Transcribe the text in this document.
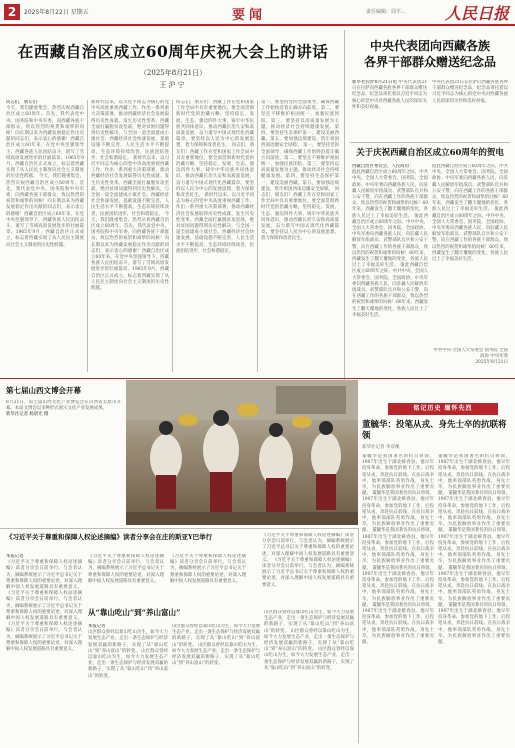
2	2025年8月22日 星期五	要闻	责任编辑：周平... 人民日报
在西藏自治区成立60周年庆祝大会上的讲话
（2025年8月21日）
王沪宁
同志们，朋友们：
今天，我们隆重集会，热烈庆祝西藏自治区成立60周年。首先，我代表党中央、国务院和中央军委，向西藏各族干部群众，致以热烈的祝贺和诚挚的问候！向长期以来为西藏发展稳定作出贡献的同志们，表示衷心的感谢！西藏自治区成立60年来，在党中央坚强领导下，西藏各族人民团结奋斗，谱写了雪域高原发展进步的壮丽篇章。1965年9月，西藏自治区正式成立，标志着西藏实现了从人民民主制度向社会主义制度的历史性跨越。 今天，我们隆重集会，热烈庆祝西藏自治区成立60周年。首先，我代表党中央、国务院和中央军委，向西藏各族干部群众，致以热烈的祝贺和诚挚的问候！向长期以来为西藏发展稳定作出贡献的同志们，表示衷心的感谢！西藏自治区成立60年来，在党中央坚强领导下，西藏各族人民团结奋斗，谱写了雪域高原发展进步的壮丽篇章。1965年9月，西藏自治区正式成立，标志着西藏实现了从人民民主制度向社会主义制度的历史性跨越。
新时代以来，以习近平同志为核心的党中央高度重视西藏工作，作出一系列重大决策部署，推动西藏经济社会发展取得历史性成就、发生历史性变革。西藏全面打赢脱贫攻坚战，绝对贫困问题得到历史性解决，与全国一道全面建成小康社会。西藏经济社会快速发展，基础设施不断完善，人民生活水平不断提高，生态环境持续改善，民族团结进步，社会和谐稳定。 新时代以来，以习近平同志为核心的党中央高度重视西藏工作，作出一系列重大决策部署，推动西藏经济社会发展取得历史性成就、发生历史性变革。西藏全面打赢脱贫攻坚战，绝对贫困问题得到历史性解决，与全国一道全面建成小康社会。西藏经济社会快速发展，基础设施不断完善，人民生活水平不断提高，生态环境持续改善，民族团结进步，社会和谐稳定。 今天，我们隆重集会，热烈庆祝西藏自治区成立60周年。首先，我代表党中央、国务院和中央军委，向西藏各族干部群众，致以热烈的祝贺和诚挚的问候！向长期以来为西藏发展稳定作出贡献的同志们，表示衷心的感谢！西藏自治区成立60年来，在党中央坚强领导下，西藏各族人民团结奋斗，谱写了雪域高原发展进步的壮丽篇章。1965年9月，西藏自治区正式成立，标志着西藏实现了从人民民主制度向社会主义制度的历史性跨越。
同志们、朋友们！西藏工作在党和国家工作全局中具有重要地位。要全面贯彻新时代党的治藏方略，坚持稳定、发展、生态、强边四件大事，铸牢中华民族共同体意识，推动西藏长治久安和高质量发展，奋力谱写中国式现代化西藏篇章。要坚持以人民为中心的发展思想，着力保障和改善民生。 同志们、朋友们！西藏工作在党和国家工作全局中具有重要地位。要全面贯彻新时代党的治藏方略，坚持稳定、发展、生态、强边四件大事，铸牢中华民族共同体意识，推动西藏长治久安和高质量发展，奋力谱写中国式现代化西藏篇章。要坚持以人民为中心的发展思想，着力保障和改善民生。 新时代以来，以习近平同志为核心的党中央高度重视西藏工作，作出一系列重大决策部署，推动西藏经济社会发展取得历史性成就、发生历史性变革。西藏全面打赢脱贫攻坚战，绝对贫困问题得到历史性解决，与全国一道全面建成小康社会。西藏经济社会快速发展，基础设施不断完善，人民生活水平不断提高，生态环境持续改善，民族团结进步，社会和谐稳定。
第一，要坚持党的全面领导，确保西藏工作始终沿着正确方向前进。第二，要坚定不移维护祖国统一，加强民族团结。第三，要坚持以高质量发展为主题，推动经济社会持续健康发展。第四，要坚持生态保护第一，建设美丽西藏。第五，要加强边境建设，筑牢祖国西南边疆安全屏障。 第一，要坚持党的全面领导，确保西藏工作始终沿着正确方向前进。第二，要坚定不移维护祖国统一，加强民族团结。第三，要坚持以高质量发展为主题，推动经济社会持续健康发展。第四，要坚持生态保护第一，建设美丽西藏。第五，要加强边境建设，筑牢祖国西南边疆安全屏障。 同志们、朋友们！西藏工作在党和国家工作全局中具有重要地位。要全面贯彻新时代党的治藏方略，坚持稳定、发展、生态、强边四件大事，铸牢中华民族共同体意识，推动西藏长治久安和高质量发展，奋力谱写中国式现代化西藏篇章。要坚持以人民为中心的发展思想，着力保障和改善民生。
中央代表团向西藏各族
各界干部群众赠送纪念品
新华社拉萨8月21日电 中央代表团21日在拉萨向西藏各族各界干部群众赠送纪念品，纪念品寄托着以习近平同志为核心的党中央对西藏各族人民的深切关怀和美好祝福。
中央代表团21日在拉萨向西藏各族各界干部群众赠送纪念品，纪念品寄托着以习近平同志为核心的党中央对西藏各族人民的深切关怀和美好祝福。
关于庆祝西藏自治区成立60周年的贺电
西藏自治区委员会、人民政府：
值此西藏自治区成立60周年之际，中共中央、全国人大常委会、国务院、全国政协、中央军委向西藏各族人民，向驻藏人民解放军指战员、武警部队官兵和公安干警，向在西藏工作的各族干部群众，致以热烈的祝贺和诚挚的问候！60年来，西藏发生了翻天覆地的变化，各族人民过上了幸福美好生活。 值此西藏自治区成立60周年之际，中共中央、全国人大常委会、国务院、全国政协、中央军委向西藏各族人民，向驻藏人民解放军指战员、武警部队官兵和公安干警，向在西藏工作的各族干部群众，致以热烈的祝贺和诚挚的问候！60年来，西藏发生了翻天覆地的变化，各族人民过上了幸福美好生活。 值此西藏自治区成立60周年之际，中共中央、全国人大常委会、国务院、全国政协、中央军委向西藏各族人民，向驻藏人民解放军指战员、武警部队官兵和公安干警，向在西藏工作的各族干部群众，致以热烈的祝贺和诚挚的问候！60年来，西藏发生了翻天覆地的变化，各族人民过上了幸福美好生活。
值此西藏自治区成立60周年之际，中共中央、全国人大常委会、国务院、全国政协、中央军委向西藏各族人民，向驻藏人民解放军指战员、武警部队官兵和公安干警，向在西藏工作的各族干部群众，致以热烈的祝贺和诚挚的问候！60年来，西藏发生了翻天覆地的变化，各族人民过上了幸福美好生活。 值此西藏自治区成立60周年之际，中共中央、全国人大常委会、国务院、全国政协、中央军委向西藏各族人民，向驻藏人民解放军指战员、武警部队官兵和公安干警，向在西藏工作的各族干部群众，致以热烈的祝贺和诚挚的问候！60年来，西藏发生了翻天覆地的变化，各族人民过上了幸福美好生活。
中共中央 全国人大常委会 国务院 全国政协 中央军委
2025年8月21日
第七届山西文博会开幕
8月21日，第七届山西文化产业博览会在山西省太原市开幕。本届文博会以多种形式展示文化产业发展成果。
新华社记者 杨晨光 摄
铭记历史 缅怀先烈
董毓华：投笔从戎、身先士卒的抗联将领
新华社记者 李双溪
董毓华是我国著名的抗日将领，1907年出生于湖北蕲春县。他早年投身革命，参加党的地下工作，后投笔从戎，奔赴抗日前线。在抗日战争中，他率领部队英勇作战，身先士卒，为民族解放事业作出了重要贡献。 董毓华是我国著名的抗日将领，1907年出生于湖北蕲春县。他早年投身革命，参加党的地下工作，后投笔从戎，奔赴抗日前线。在抗日战争中，他率领部队英勇作战，身先士卒，为民族解放事业作出了重要贡献。 董毓华是我国著名的抗日将领，1907年出生于湖北蕲春县。他早年投身革命，参加党的地下工作，后投笔从戎，奔赴抗日前线。在抗日战争中，他率领部队英勇作战，身先士卒，为民族解放事业作出了重要贡献。 董毓华是我国著名的抗日将领，1907年出生于湖北蕲春县。他早年投身革命，参加党的地下工作，后投笔从戎，奔赴抗日前线。在抗日战争中，他率领部队英勇作战，身先士卒，为民族解放事业作出了重要贡献。 董毓华是我国著名的抗日将领，1907年出生于湖北蕲春县。他早年投身革命，参加党的地下工作，后投笔从戎，奔赴抗日前线。在抗日战争中，他率领部队英勇作战，身先士卒，为民族解放事业作出了重要贡献。
董毓华是我国著名的抗日将领，1907年出生于湖北蕲春县。他早年投身革命，参加党的地下工作，后投笔从戎，奔赴抗日前线。在抗日战争中，他率领部队英勇作战，身先士卒，为民族解放事业作出了重要贡献。 董毓华是我国著名的抗日将领，1907年出生于湖北蕲春县。他早年投身革命，参加党的地下工作，后投笔从戎，奔赴抗日前线。在抗日战争中，他率领部队英勇作战，身先士卒，为民族解放事业作出了重要贡献。 董毓华是我国著名的抗日将领，1907年出生于湖北蕲春县。他早年投身革命，参加党的地下工作，后投笔从戎，奔赴抗日前线。在抗日战争中，他率领部队英勇作战，身先士卒，为民族解放事业作出了重要贡献。 董毓华是我国著名的抗日将领，1907年出生于湖北蕲春县。他早年投身革命，参加党的地下工作，后投笔从戎，奔赴抗日前线。在抗日战争中，他率领部队英勇作战，身先士卒，为民族解放事业作出了重要贡献。 董毓华是我国著名的抗日将领，1907年出生于湖北蕲春县。他早年投身革命，参加党的地下工作，后投笔从戎，奔赴抗日前线。在抗日战争中，他率领部队英勇作战，身先士卒，为民族解放事业作出了重要贡献。
《习近平关于尊重和保障人权论述摘编》读者分享会在庄的斯亚Y巴举行
本报记者
《习近平关于尊重和保障人权论述摘编》读者分享会日前举行。与会者认为，摘编系统展示了习近平总书记关于尊重和保障人权的重要论述，对深入理解中国人权发展道路具有重要意义。 《习近平关于尊重和保障人权论述摘编》读者分享会日前举行。与会者认为，摘编系统展示了习近平总书记关于尊重和保障人权的重要论述，对深入理解中国人权发展道路具有重要意义。 《习近平关于尊重和保障人权论述摘编》读者分享会日前举行。与会者认为，摘编系统展示了习近平总书记关于尊重和保障人权的重要论述，对深入理解中国人权发展道路具有重要意义。
《习近平关于尊重和保障人权论述摘编》读者分享会日前举行。与会者认为，摘编系统展示了习近平总书记关于尊重和保障人权的重要论述，对深入理解中国人权发展道路具有重要意义。
《习近平关于尊重和保障人权论述摘编》读者分享会日前举行。与会者认为，摘编系统展示了习近平总书记关于尊重和保障人权的重要论述，对深入理解中国人权发展道路具有重要意义。
《习近平关于尊重和保障人权论述摘编》读者分享会日前举行。与会者认为，摘编系统展示了习近平总书记关于尊重和保障人权的重要论述，对深入理解中国人权发展道路具有重要意义。 《习近平关于尊重和保障人权论述摘编》读者分享会日前举行。与会者认为，摘编系统展示了习近平总书记关于尊重和保障人权的重要论述，对深入理解中国人权发展道路具有重要意义。
从“靠山吃山”到“养山富山”
本报记者
山区群众曾经以靠山吃山为生，如今大力发展生态产业，走出一条生态保护与经济发展双赢的新路子，实现了从“靠山吃山”到“养山富山”的转变。 山区群众曾经以靠山吃山为生，如今大力发展生态产业，走出一条生态保护与经济发展双赢的新路子，实现了从“靠山吃山”到“养山富山”的转变。
山区群众曾经以靠山吃山为生，如今大力发展生态产业，走出一条生态保护与经济发展双赢的新路子，实现了从“靠山吃山”到“养山富山”的转变。 山区群众曾经以靠山吃山为生，如今大力发展生态产业，走出一条生态保护与经济发展双赢的新路子，实现了从“靠山吃山”到“养山富山”的转变。
山区群众曾经以靠山吃山为生，如今大力发展生态产业，走出一条生态保护与经济发展双赢的新路子，实现了从“靠山吃山”到“养山富山”的转变。 山区群众曾经以靠山吃山为生，如今大力发展生态产业，走出一条生态保护与经济发展双赢的新路子，实现了从“靠山吃山”到“养山富山”的转变。 山区群众曾经以靠山吃山为生，如今大力发展生态产业，走出一条生态保护与经济发展双赢的新路子，实现了从“靠山吃山”到“养山富山”的转变。
